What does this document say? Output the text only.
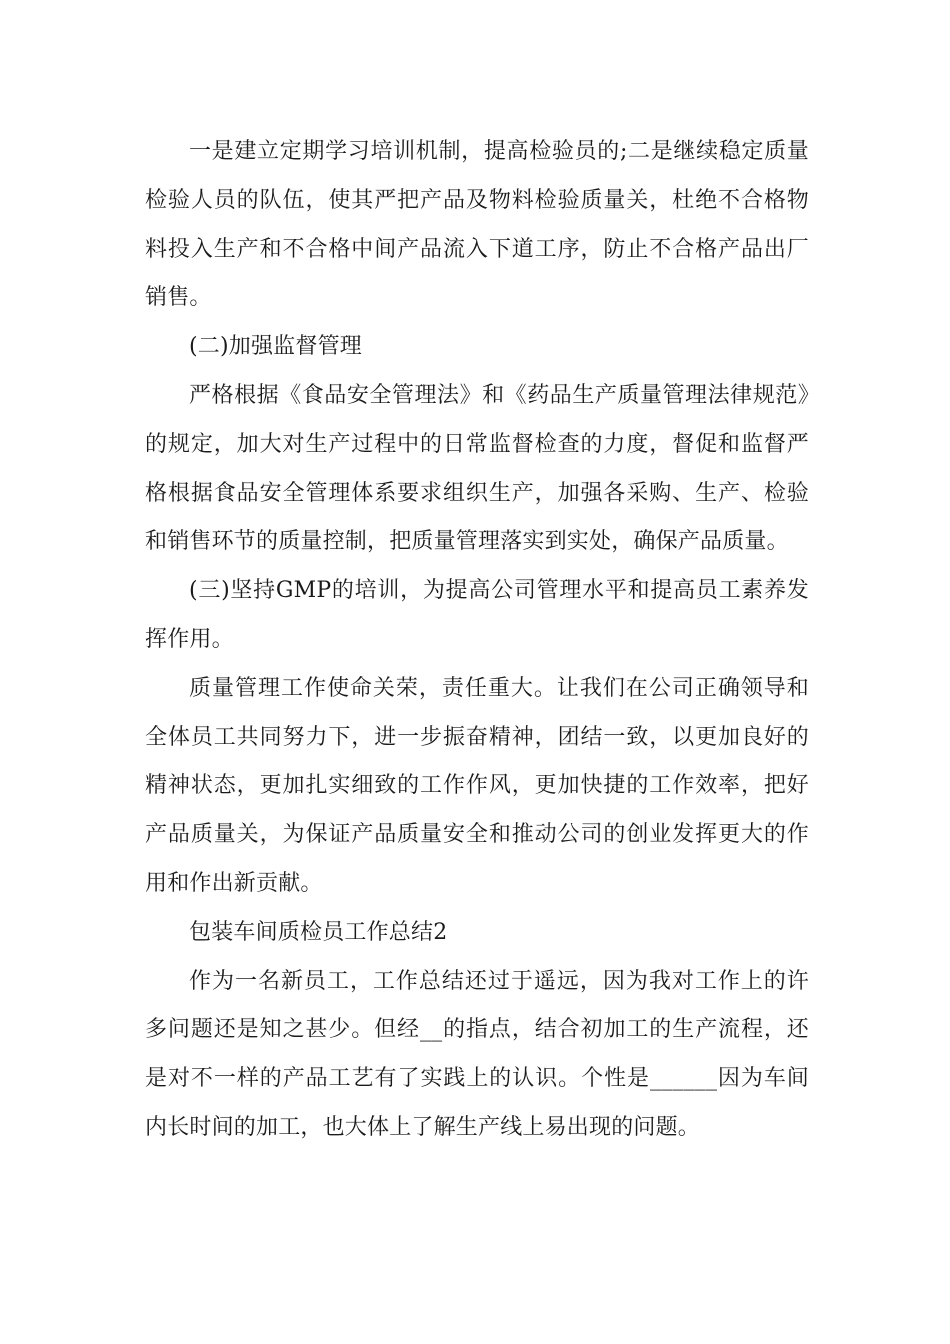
一是建立定期学习培训机制，提高检验员的;二是继续稳定质量检验人员的队伍，使其严把产品及物料检验质量关，杜绝不合格物料投入生产和不合格中间产品流入下道工序，防止不合格产品出厂销售。

(二)加强监督管理

严格根据《食品安全管理法》和《药品生产质量管理法律规范》的规定，加大对生产过程中的日常监督检查的力度，督促和监督严格根据食品安全管理体系要求组织生产，加强各采购、生产、检验和销售环节的质量控制，把质量管理落实到实处，确保产品质量。

(三)坚持GMP的培训，为提高公司管理水平和提高员工素养发挥作用。

质量管理工作使命关荣，责任重大。让我们在公司正确领导和全体员工共同努力下，进一步振奋精神，团结一致，以更加良好的精神状态，更加扎实细致的工作作风，更加快捷的工作效率，把好产品质量关，为保证产品质量安全和推动公司的创业发挥更大的作用和作出新贡献。

包装车间质检员工作总结2

作为一名新员工，工作总结还过于遥远，因为我对工作上的许多问题还是知之甚少。但经__的指点，结合初加工的生产流程，还是对不一样的产品工艺有了实践上的认识。个性是______因为车间内长时间的加工，也大体上了解生产线上易出现的问题。
